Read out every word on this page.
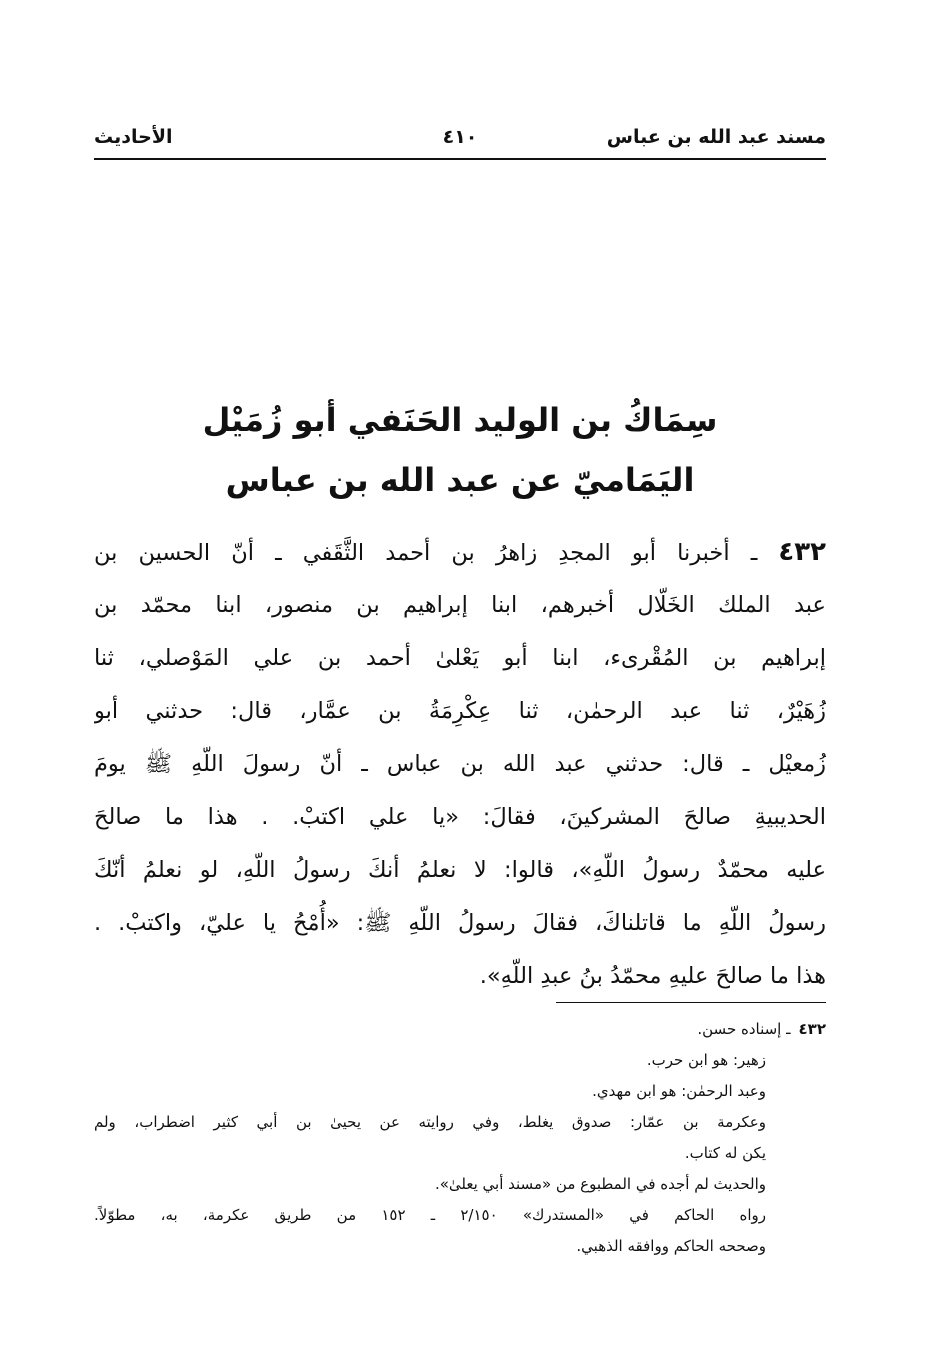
مسند عبد الله بن عباس
٤١٠
الأحاديث
سِمَاكُ بن الوليد الحَنَفي أبو زُمَيْل
اليَمَاميّ عن عبد الله بن عباس
٤٣٢ ـ أخبرنا أبو المجدِ زاهرُ بن أحمد الثَّقَفي ـ أنّ الحسين بن
عبد الملك الخَلّال أخبرهم، ابنا إبراهيم بن منصور، ابنا محمّد بن
إبراهيم بن المُقْرىء، ابنا أبو يَعْلىٰ أحمد بن علي المَوْصلي، ثنا
زُهَيْرٌ، ثنا عبد الرحمٰن، ثنا عِكْرِمَةُ بن عمَّار، قال: حدثني أبو
زُمعيْل ـ قال: حدثني عبد الله بن عباس ـ أنّ رسولَ اللّهِ ﷺ يومَ
الحديبيةِ صالحَ المشركينَ، فقالَ: «يا علي اكتبْ. . هذا ما صالحَ
عليه محمّدٌ رسولُ اللّهِ»، قالوا: لا نعلمُ أنكَ رسولُ اللّهِ، لو نعلمُ أنّكَ
رسولُ اللّهِ ما قاتلناكَ، فقالَ رسولُ اللّهِ ﷺ: «أُمْحُ يا عليّ، واكتبْ. .
هذا ما صالحَ عليهِ محمّدُ بنُ عبدِ اللّهِ».
٤٣٢ـ إسناده حسن.
زهير: هو ابن حرب.
وعبد الرحمٰن: هو ابن مهدي.
وعكرمة بن عمّار: صدوق يغلط، وفي روايته عن يحيىٰ بن أبي كثير اضطراب، ولم
يكن له كتاب.
والحديث لم أجده في المطبوع من «مسند أبي يعلىٰ».
رواه الحاكم في «المستدرك» ٢/١٥٠ ـ ١٥٢ من طريق عكرمة، به، مطوّلاً.
وصححه الحاكم ووافقه الذهبي.
